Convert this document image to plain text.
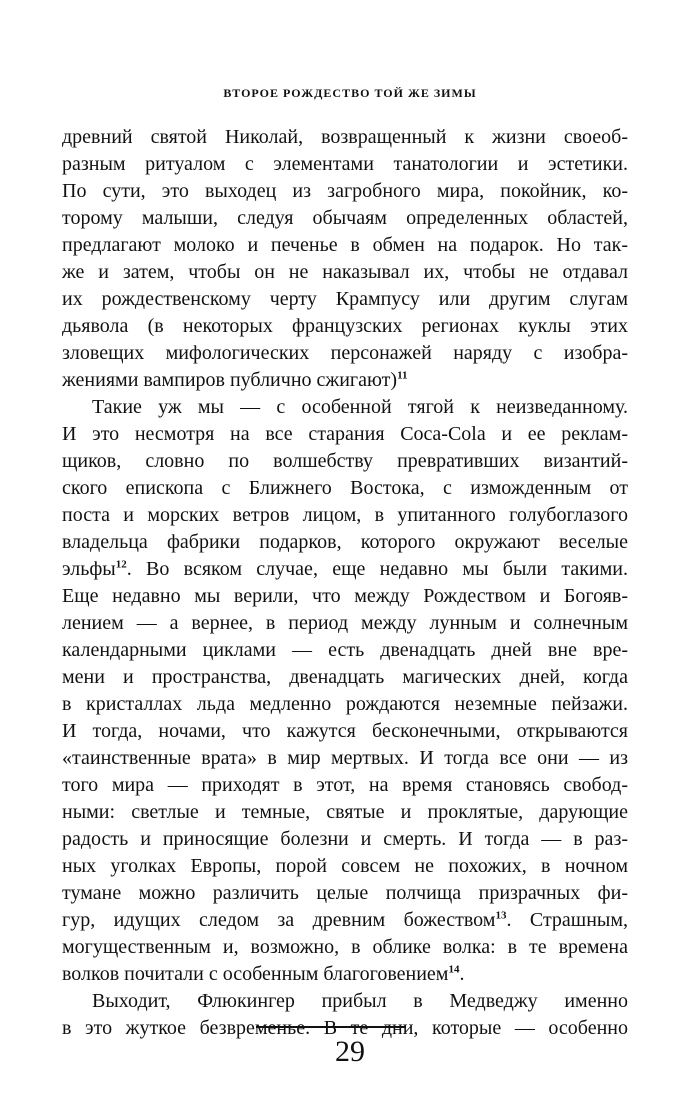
ВТОРОЕ РОЖДЕСТВО ТОЙ ЖЕ ЗИМЫ
древний святой Николай, возвращенный к жизни своеоб-
разным ритуалом с элементами танатологии и эстетики.
По сути, это выходец из загробного мира, покойник, ко-
торому малыши, следуя обычаям определенных областей,
предлагают молоко и печенье в обмен на подарок. Но так-
же и затем, чтобы он не наказывал их, чтобы не отдавал
их рождественскому черту Крампусу или другим слугам
дьявола (в некоторых французских регионах куклы этих
зловещих мифологических персонажей наряду с изобра-
жениями вампиров публично сжигают)$^{11}$
Такие уж мы — с особенной тягой к неизведанному.
И это несмотря на все старания Coca-Cola и ее реклам-
щиков, словно по волшебству превративших византий-
ского епископа с Ближнего Востока, с изможденным от
поста и морских ветров лицом, в упитанного голубоглазого
владельца фабрики подарков, которого окружают веселые
эльфы$^{12}$. Во всяком случае, еще недавно мы были такими.
Еще недавно мы верили, что между Рождеством и Богояв-
лением — а вернее, в период между лунным и солнечным
календарными циклами — есть двенадцать дней вне вре-
мени и пространства, двенадцать магических дней, когда
в кристаллах льда медленно рождаются неземные пейзажи.
И тогда, ночами, что кажутся бесконечными, открываются
«таинственные врата» в мир мертвых. И тогда все они — из
того мира — приходят в этот, на время становясь свобод-
ными: светлые и темные, святые и проклятые, дарующие
радость и приносящие болезни и смерть. И тогда — в раз-
ных уголках Европы, порой совсем не похожих, в ночном
тумане можно различить целые полчища призрачных фи-
гур, идущих следом за древним божеством$^{13}$. Страшным,
могущественным и, возможно, в облике волка: в те времена
волков почитали с особенным благоговением$^{14}$.
Выходит, Флюкингер прибыл в Медведжу именно
в это жуткое безвременье. В те дни, которые — особенно
29
